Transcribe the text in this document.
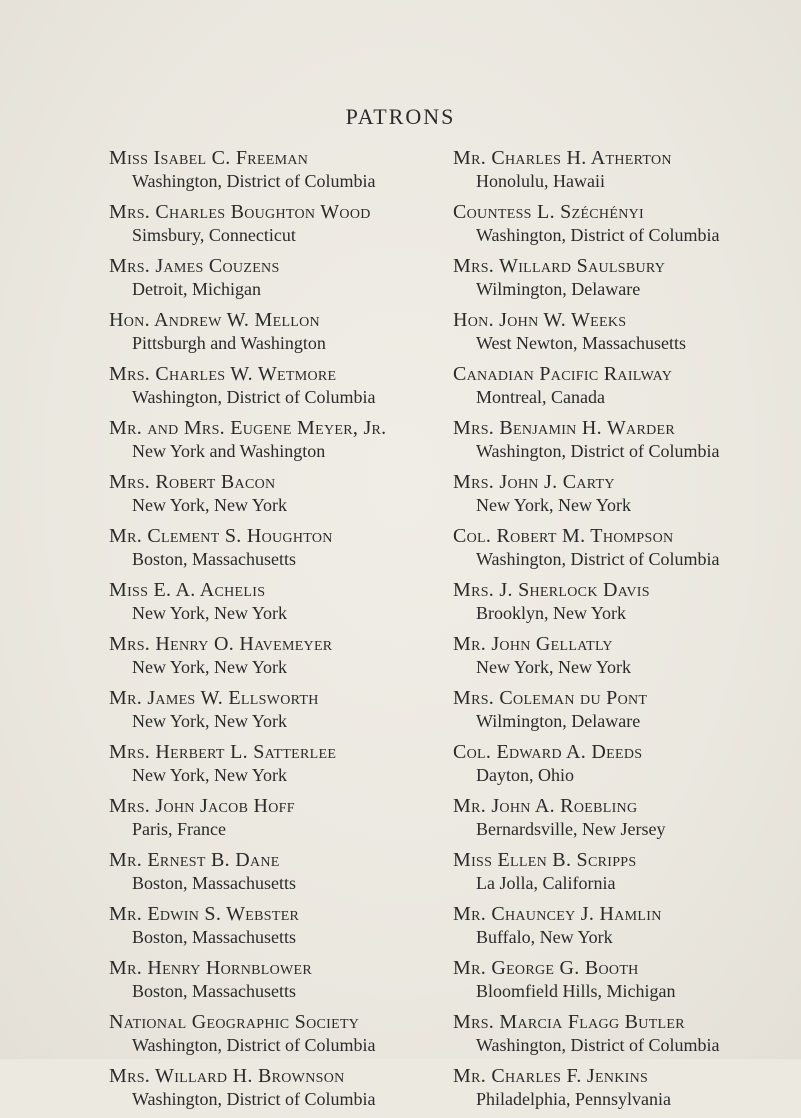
PATRONS
Miss Isabel C. Freeman
Washington, District of Columbia
Mrs. Charles Boughton Wood
Simsbury, Connecticut
Mrs. James Couzens
Detroit, Michigan
Hon. Andrew W. Mellon
Pittsburgh and Washington
Mrs. Charles W. Wetmore
Washington, District of Columbia
Mr. and Mrs. Eugene Meyer, Jr.
New York and Washington
Mrs. Robert Bacon
New York, New York
Mr. Clement S. Houghton
Boston, Massachusetts
Miss E. A. Achelis
New York, New York
Mrs. Henry O. Havemeyer
New York, New York
Mr. James W. Ellsworth
New York, New York
Mrs. Herbert L. Satterlee
New York, New York
Mrs. John Jacob Hoff
Paris, France
Mr. Ernest B. Dane
Boston, Massachusetts
Mr. Edwin S. Webster
Boston, Massachusetts
Mr. Henry Hornblower
Boston, Massachusetts
National Geographic Society
Washington, District of Columbia
Mrs. Willard H. Brownson
Washington, District of Columbia
Mr. Charles H. Atherton
Honolulu, Hawaii
Countess L. Széchényi
Washington, District of Columbia
Mrs. Willard Saulsbury
Wilmington, Delaware
Hon. John W. Weeks
West Newton, Massachusetts
Canadian Pacific Railway
Montreal, Canada
Mrs. Benjamin H. Warder
Washington, District of Columbia
Mrs. John J. Carty
New York, New York
Col. Robert M. Thompson
Washington, District of Columbia
Mrs. J. Sherlock Davis
Brooklyn, New York
Mr. John Gellatly
New York, New York
Mrs. Coleman du Pont
Wilmington, Delaware
Col. Edward A. Deeds
Dayton, Ohio
Mr. John A. Roebling
Bernardsville, New Jersey
Miss Ellen B. Scripps
La Jolla, California
Mr. Chauncey J. Hamlin
Buffalo, New York
Mr. George G. Booth
Bloomfield Hills, Michigan
Mrs. Marcia Flagg Butler
Washington, District of Columbia
Mr. Charles F. Jenkins
Philadelphia, Pennsylvania
